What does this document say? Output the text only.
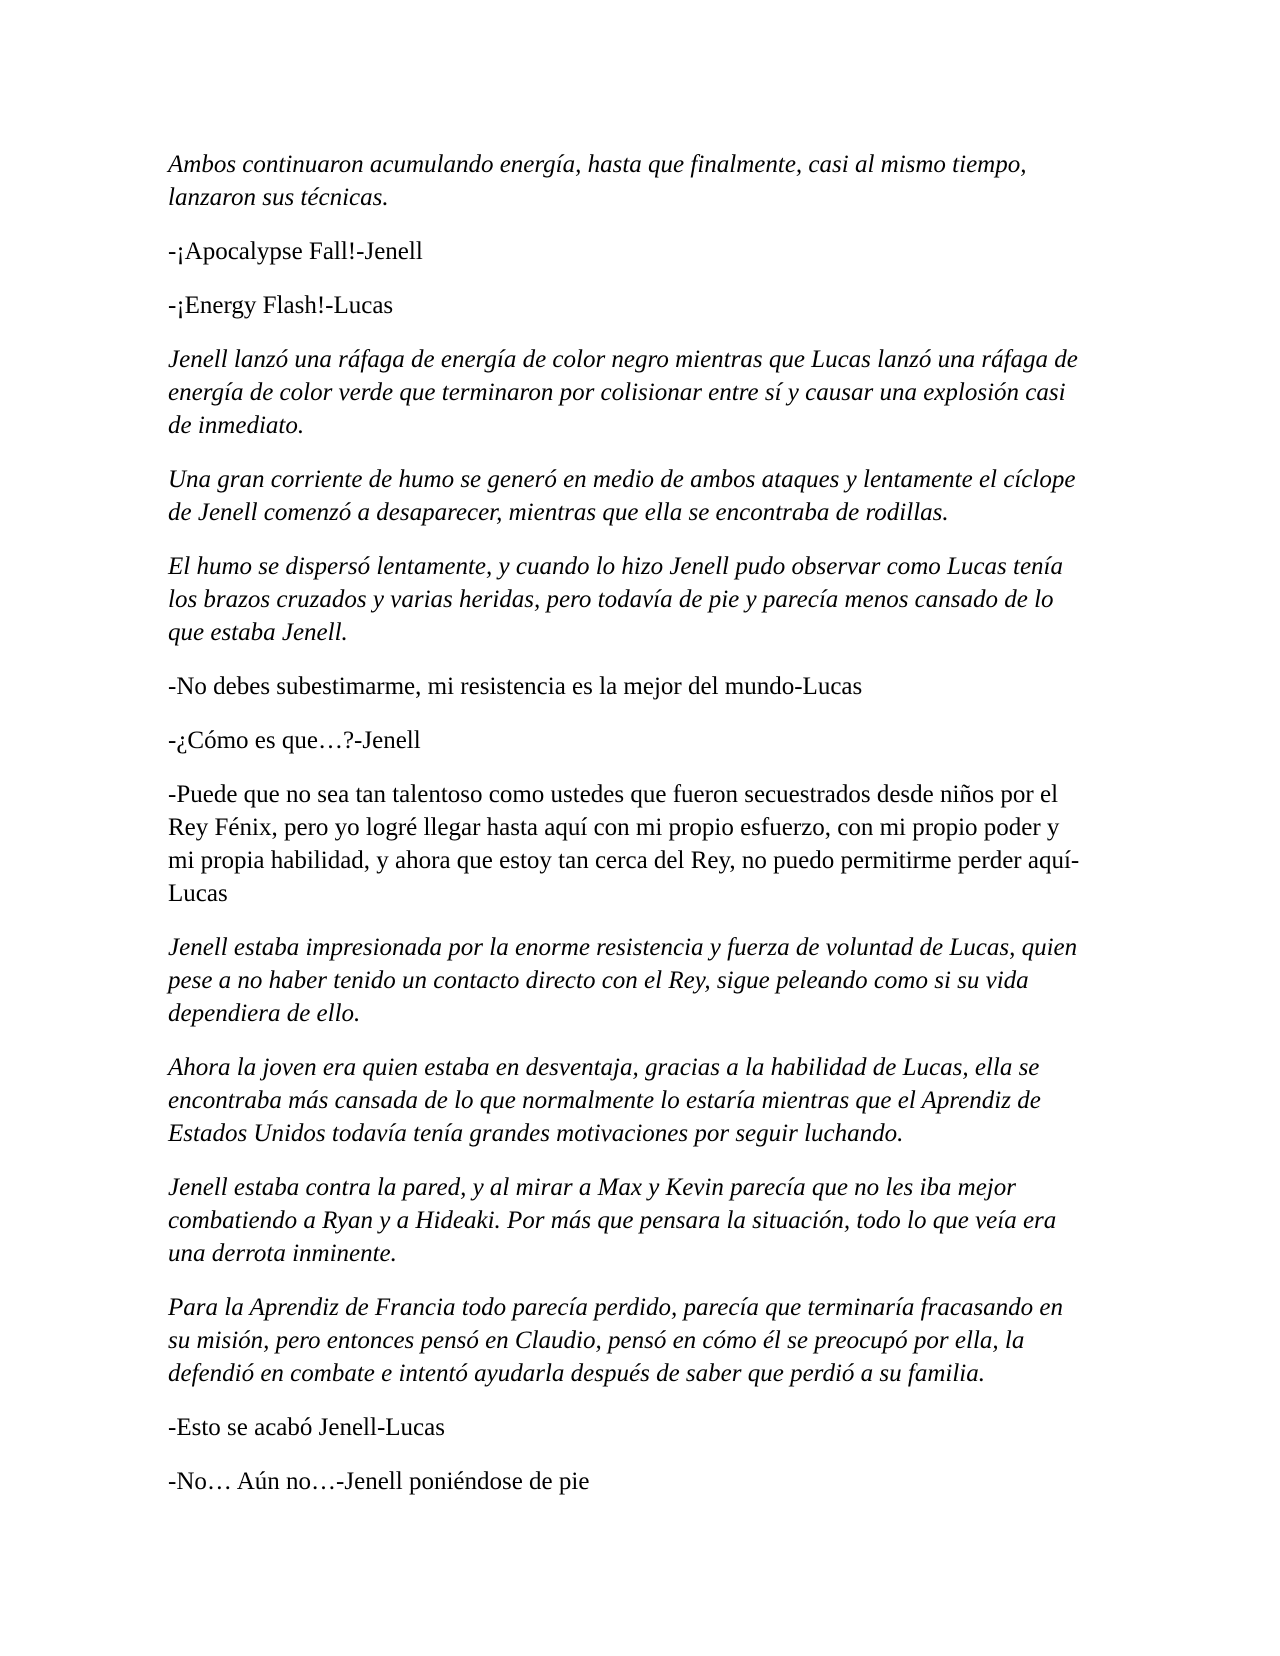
Ambos continuaron acumulando energía, hasta que finalmente, casi al mismo tiempo,
lanzaron sus técnicas.

-¡Apocalypse Fall!-Jenell

-¡Energy Flash!-Lucas

Jenell lanzó una ráfaga de energía de color negro mientras que Lucas lanzó una ráfaga de
energía de color verde que terminaron por colisionar entre sí y causar una explosión casi
de inmediato.

Una gran corriente de humo se generó en medio de ambos ataques y lentamente el cíclope
de Jenell comenzó a desaparecer, mientras que ella se encontraba de rodillas.

El humo se dispersó lentamente, y cuando lo hizo Jenell pudo observar como Lucas tenía
los brazos cruzados y varias heridas, pero todavía de pie y parecía menos cansado de lo
que estaba Jenell.

-No debes subestimarme, mi resistencia es la mejor del mundo-Lucas

-¿Cómo es que…?-Jenell

-Puede que no sea tan talentoso como ustedes que fueron secuestrados desde niños por el
Rey Fénix, pero yo logré llegar hasta aquí con mi propio esfuerzo, con mi propio poder y
mi propia habilidad, y ahora que estoy tan cerca del Rey, no puedo permitirme perder aquí-
Lucas

Jenell estaba impresionada por la enorme resistencia y fuerza de voluntad de Lucas, quien
pese a no haber tenido un contacto directo con el Rey, sigue peleando como si su vida
dependiera de ello.

Ahora la joven era quien estaba en desventaja, gracias a la habilidad de Lucas, ella se
encontraba más cansada de lo que normalmente lo estaría mientras que el Aprendiz de
Estados Unidos todavía tenía grandes motivaciones por seguir luchando.

Jenell estaba contra la pared, y al mirar a Max y Kevin parecía que no les iba mejor
combatiendo a Ryan y a Hideaki. Por más que pensara la situación, todo lo que veía era
una derrota inminente.

Para la Aprendiz de Francia todo parecía perdido, parecía que terminaría fracasando en
su misión, pero entonces pensó en Claudio, pensó en cómo él se preocupó por ella, la
defendió en combate e intentó ayudarla después de saber que perdió a su familia.

-Esto se acabó Jenell-Lucas

-No… Aún no…-Jenell poniéndose de pie
